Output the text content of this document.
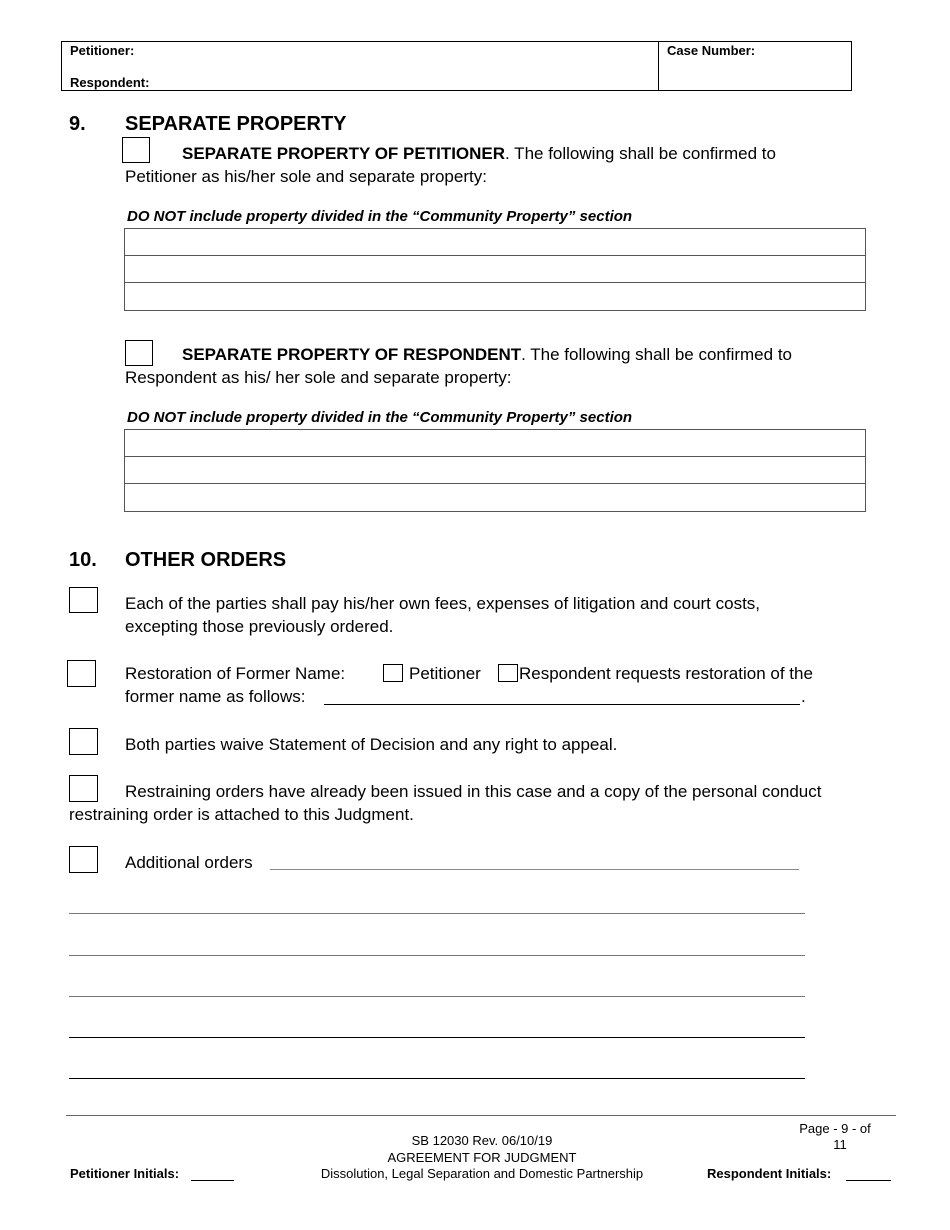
Petitioner:
Respondent:
Case Number:
9. SEPARATE PROPERTY
SEPARATE PROPERTY OF PETITIONER. The following shall be confirmed to
Petitioner as his/her sole and separate property:
DO NOT include property divided in the “Community Property” section
SEPARATE PROPERTY OF RESPONDENT. The following shall be confirmed to
Respondent as his/ her sole and separate property:
DO NOT include property divided in the “Community Property” section
10. OTHER ORDERS
Each of the parties shall pay his/her own fees, expenses of litigation and court costs,
excepting those previously ordered.
Restoration of Former Name:	Petitioner Respondent requests restoration of the
former name as follows:	.
Both parties waive Statement of Decision and any right to appeal.
Restraining orders have already been issued in this case and a copy of the personal conduct
restraining order is attached to this Judgment.
Additional orders
Page - 9 - of
11
SB 12030 Rev. 06/10/19
AGREEMENT FOR JUDGMENT
Dissolution, Legal Separation and Domestic Partnership
Petitioner Initials:	Respondent Initials:
